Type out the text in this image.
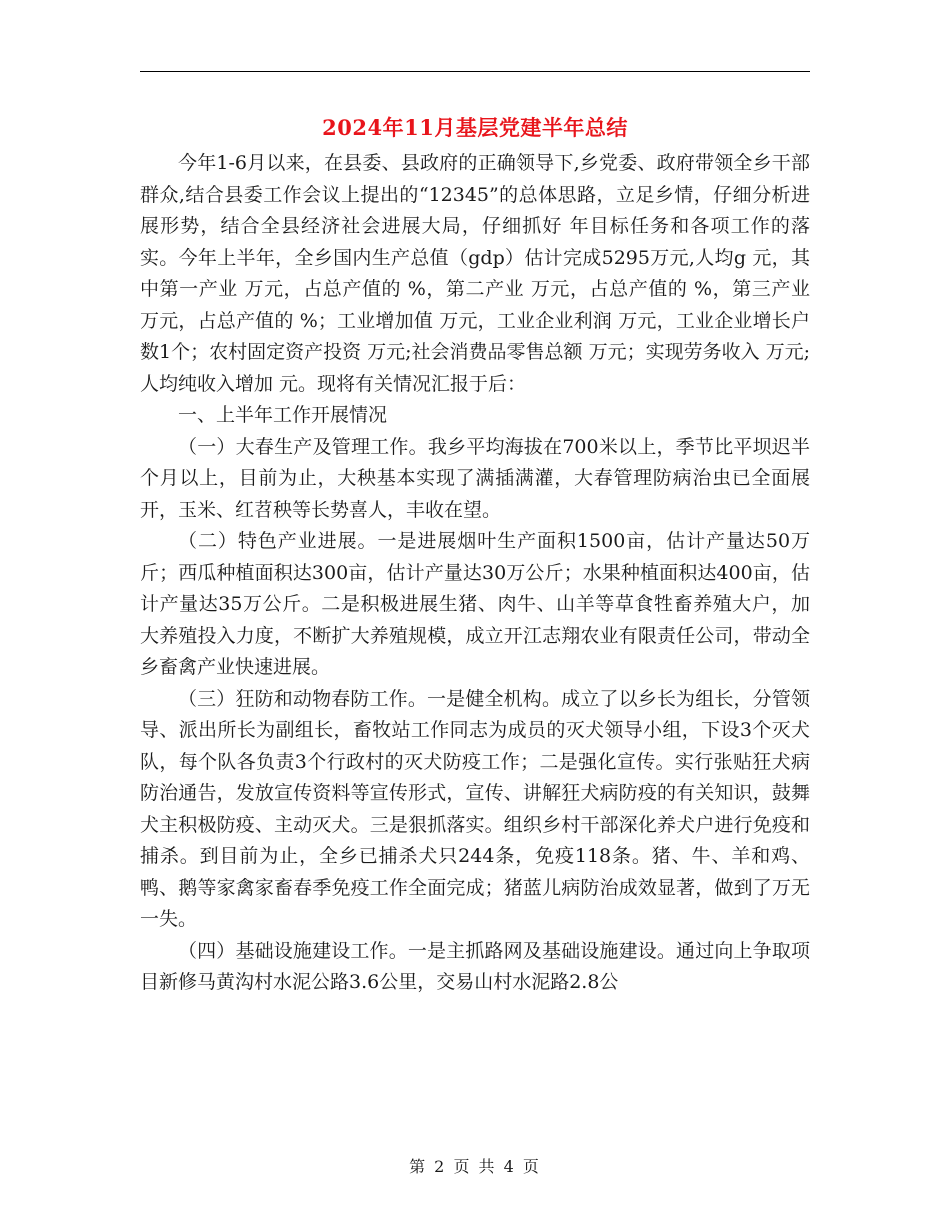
2024年11月基层党建半年总结

今年1-6月以来，在县委、县政府的正确领导下,乡党委、政府带领全乡干部群众,结合县委工作会议上提出的“12345”的总体思路，立足乡情，仔细分析进展形势，结合全县经济社会进展大局，仔细抓好 年目标任务和各项工作的落实。今年上半年，全乡国内生产总值（gdp）估计完成5295万元,人均g 元，其中第一产业 万元，占总产值的 %，第二产业 万元，占总产值的 %，第三产业 万元，占总产值的 %；工业增加值 万元，工业企业利润 万元，工业企业增长户数1个；农村固定资产投资 万元;社会消费品零售总额 万元；实现劳务收入 万元;人均纯收入增加 元。现将有关情况汇报于后：

一、上半年工作开展情况

（一）大春生产及管理工作。我乡平均海拔在700米以上，季节比平坝迟半个月以上，目前为止，大秧基本实现了满插满灌，大春管理防病治虫已全面展开，玉米、红苕秧等长势喜人，丰收在望。

（二）特色产业进展。一是进展烟叶生产面积1500亩，估计产量达50万斤；西瓜种植面积达300亩，估计产量达30万公斤；水果种植面积达400亩，估计产量达35万公斤。二是积极进展生猪、肉牛、山羊等草食牲畜养殖大户，加大养殖投入力度，不断扩大养殖规模，成立开江志翔农业有限责任公司，带动全乡畜禽产业快速进展。

（三）狂防和动物春防工作。一是健全机构。成立了以乡长为组长，分管领导、派出所长为副组长，畜牧站工作同志为成员的灭犬领导小组，下设3个灭犬队，每个队各负责3个行政村的灭犬防疫工作；二是强化宣传。实行张贴狂犬病防治通告，发放宣传资料等宣传形式，宣传、讲解狂犬病防疫的有关知识，鼓舞犬主积极防疫、主动灭犬。三是狠抓落实。组织乡村干部深化养犬户进行免疫和捕杀。到目前为止，全乡已捕杀犬只244条，免疫118条。猪、牛、羊和鸡、鸭、鹅等家禽家畜春季免疫工作全面完成；猪蓝儿病防治成效显著，做到了万无一失。

（四）基础设施建设工作。一是主抓路网及基础设施建设。通过向上争取项目新修马黄沟村水泥公路3.6公里，交易山村水泥路2.8公

第 2 页 共 4 页
